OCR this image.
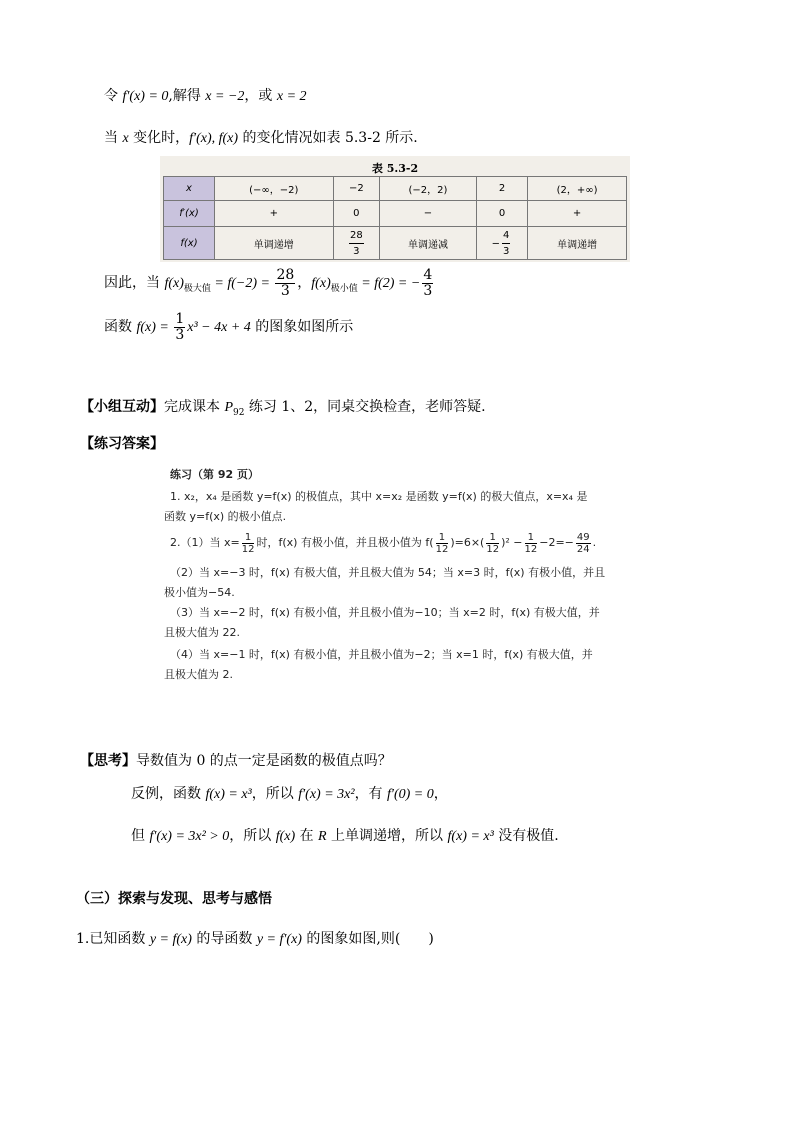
令 f′(x) = 0,解得 x = −2，或 x = 2
当 x 变化时，f′(x), f(x) 的变化情况如表 5.3-2 所示.
表 5.3-2
x	(−∞，−2)	−2	(−2，2)	2	(2，+∞)
f′(x)	+	0	−	0	+
f(x)	单调递增	$\frac{28}{3}$	单调递减	− $\frac{4}{3}$	单调递增
因此，当 $f(x)_{极大值} = f(-2) = \frac{28}{3}$ ，$f(x)_{极小值} = f(2)$ = − $\frac{4}{3}$
函数 $f(x) = \frac{1}{3} x^3 - 4x + 4$ 的图象如图所示
【小组互动】完成课本 $P_{92}$ 练习 1、2，同桌交换检查，老师答疑.
【练习答案】
练习（第 92 页）
1. x₂，x₄ 是函数 y=f(x) 的极值点，其中 x=x₂ 是函数 y=f(x) 的极大值点，x=x₄ 是
函数 y=f(x) 的极小值点.
2.（1）当 $x= \frac{1}{12}$ 时，f(x) 有极小值，并且极小值为 $f( \frac{1}{12} )=6\times( \frac{1}{12} )^2 - \frac{1}{12} -2=- \frac{49}{24}$ .
（2）当 x=−3 时，f(x) 有极大值，并且极大值为 54；当 x=3 时，f(x) 有极小值，并且
极小值为−54.
（3）当 x=−2 时，f(x) 有极小值，并且极小值为−10；当 x=2 时，f(x) 有极大值，并
且极大值为 22.
（4）当 x=−1 时，f(x) 有极小值，并且极小值为−2；当 x=1 时，f(x) 有极大值，并
且极大值为 2.
【思考】导数值为 0 的点一定是函数的极值点吗？
反例，函数 f(x) = x³，所以 f′(x) = 3x²，有 f′(0) = 0，
但 f′(x) = 3x² > 0，所以 f(x) 在 R 上单调递增，所以 f(x) = x³ 没有极值.
（三）探索与发现、思考与感悟
1.已知函数 y = f(x) 的导函数 y = f′(x) 的图象如图,则(　　)
